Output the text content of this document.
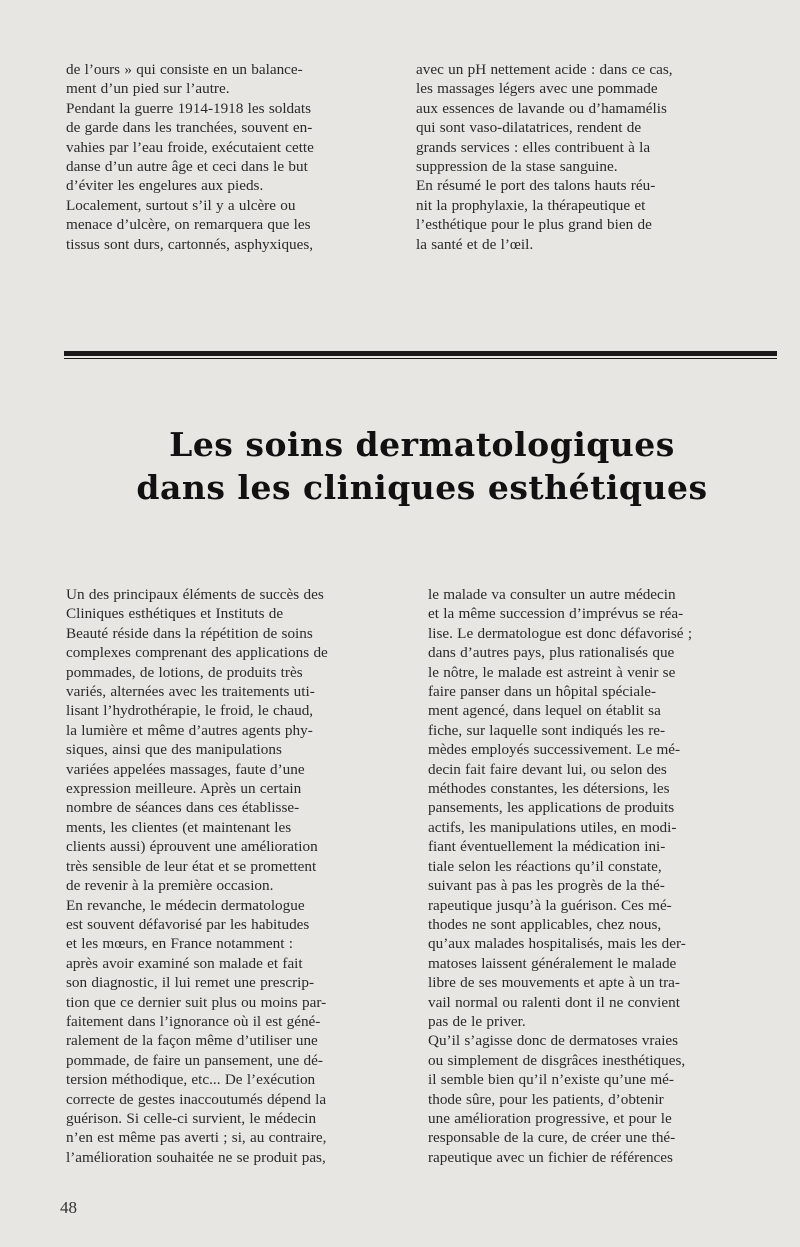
de l’ours » qui consiste en un balance-

ment d’un pied sur l’autre.

Pendant la guerre 1914-1918 les soldats

de garde dans les tranchées, souvent en-

vahies par l’eau froide, exécutaient cette

danse d’un autre âge et ceci dans le but

d’éviter les engelures aux pieds.

Localement, surtout s’il y a ulcère ou

menace d’ulcère, on remarquera que les

tissus sont durs, cartonnés, asphyxiques,

avec un pH nettement acide : dans ce cas,

les massages légers avec une pommade

aux essences de lavande ou d’hamamélis

qui sont vaso-dilatatrices, rendent de

grands services : elles contribuent à la

suppression de la stase sanguine.

En résumé le port des talons hauts réu-

nit la prophylaxie, la thérapeutique et

l’esthétique pour le plus grand bien de

la santé et de l’œil.

Les soins dermatologiques
dans les cliniques esthétiques

Un des principaux éléments de succès des

Cliniques esthétiques et Instituts de

Beauté réside dans la répétition de soins

complexes comprenant des applications de

pommades, de lotions, de produits très

variés, alternées avec les traitements uti-

lisant l’hydrothérapie, le froid, le chaud,

la lumière et même d’autres agents phy-

siques, ainsi que des manipulations

variées appelées massages, faute d’une

expression meilleure. Après un certain

nombre de séances dans ces établisse-

ments, les clientes (et maintenant les

clients aussi) éprouvent une amélioration

très sensible de leur état et se promettent

de revenir à la première occasion.

En revanche, le médecin dermatologue

est souvent défavorisé par les habitudes

et les mœurs, en France notamment :

après avoir examiné son malade et fait

son diagnostic, il lui remet une prescrip-

tion que ce dernier suit plus ou moins par-

faitement dans l’ignorance où il est géné-

ralement de la façon même d’utiliser une

pommade, de faire un pansement, une dé-

tersion méthodique, etc... De l’exécution

correcte de gestes inaccoutumés dépend la

guérison. Si celle-ci survient, le médecin

n’en est même pas averti ; si, au contraire,

l’amélioration souhaitée ne se produit pas,

le malade va consulter un autre médecin

et la même succession d’imprévus se réa-

lise. Le dermatologue est donc défavorisé ;

dans d’autres pays, plus rationalisés que

le nôtre, le malade est astreint à venir se

faire panser dans un hôpital spéciale-

ment agencé, dans lequel on établit sa

fiche, sur laquelle sont indiqués les re-

mèdes employés successivement. Le mé-

decin fait faire devant lui, ou selon des

méthodes constantes, les détersions, les

pansements, les applications de produits

actifs, les manipulations utiles, en modi-

fiant éventuellement la médication ini-

tiale selon les réactions qu’il constate,

suivant pas à pas les progrès de la thé-

rapeutique jusqu’à la guérison. Ces mé-

thodes ne sont applicables, chez nous,

qu’aux malades hospitalisés, mais les der-

matoses laissent généralement le malade

libre de ses mouvements et apte à un tra-

vail normal ou ralenti dont il ne convient

pas de le priver.

Qu’il s’agisse donc de dermatoses vraies

ou simplement de disgrâces inesthétiques,

il semble bien qu’il n’existe qu’une mé-

thode sûre, pour les patients, d’obtenir

une amélioration progressive, et pour le

responsable de la cure, de créer une thé-

rapeutique avec un fichier de références

48
